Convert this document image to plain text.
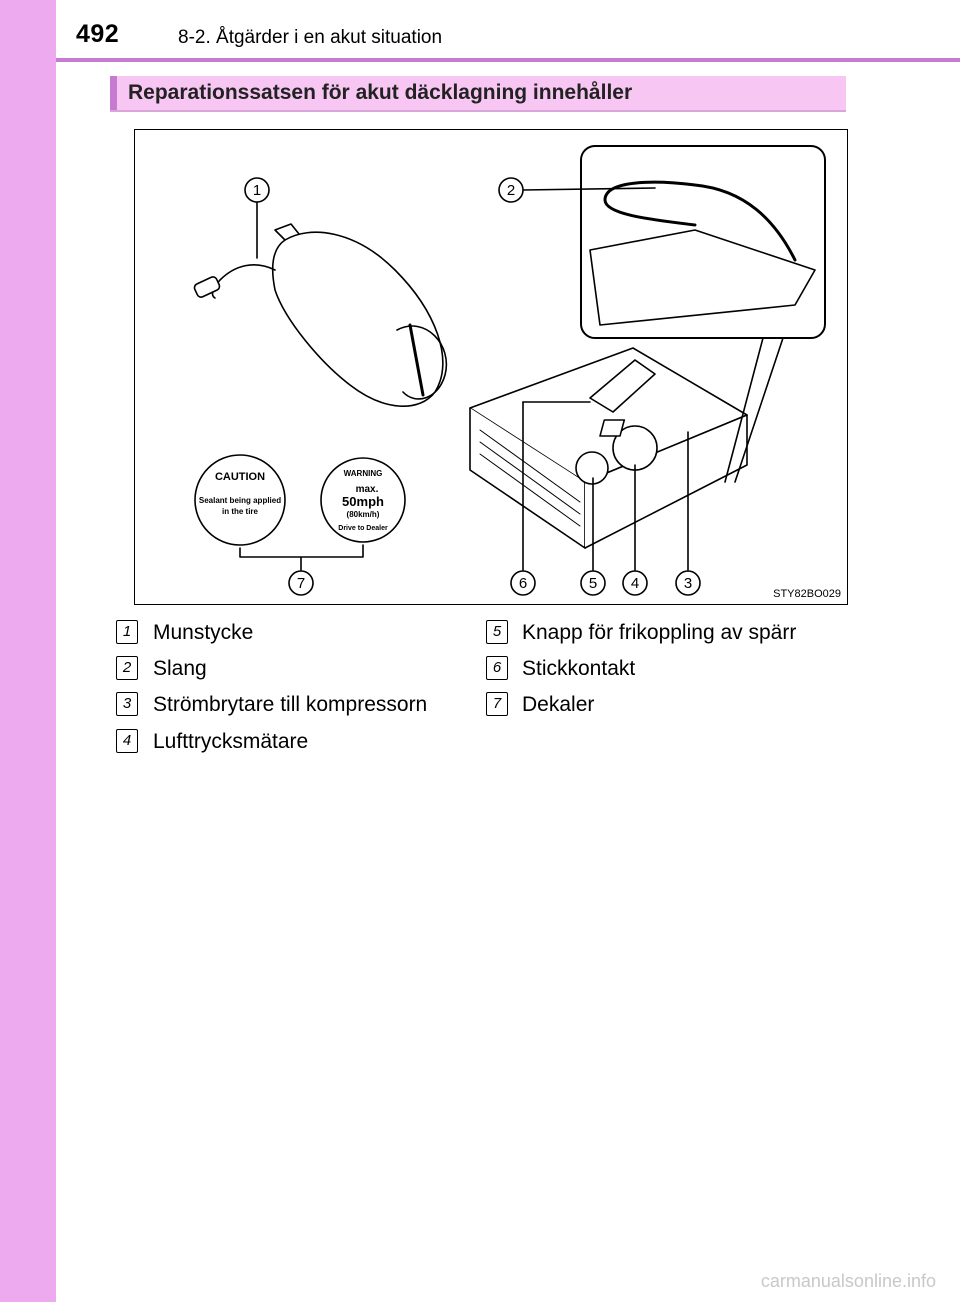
492	8-2. Åtgärder i en akut situation
Reparationssatsen för akut däcklagning innehåller
1	2
3
4
5
6
7
CAUTION
Sealant being applied
in the tire
WARNING
max.
50mph
(80km/h)
Drive to Dealer
STY82BO029
1	Munstycke
2	Slang
3	Strömbrytare till kompressorn
4	Lufttrycksmätare
5 Knapp för frikoppling av spärr
6 Stickkontakt
7 Dekaler
carmanualsonline.info
